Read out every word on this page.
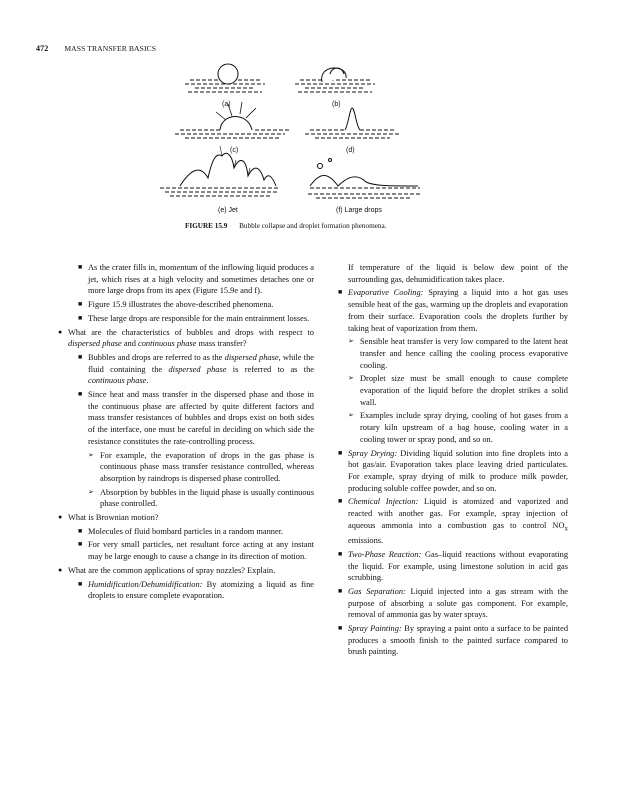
472 MASS TRANSFER BASICS
(a)	(b)
(c)	(d)
(e) Jet	(f) Large drops
FIGURE 15.9 Bubble collapse and droplet formation phenomena.
■ As the crater fills in, momentum of the inflowing liquid produces a jet, which rises at a high velocity and sometimes detaches one or more large drops from its apex (Figure 15.9e and f).
■ Figure 15.9 illustrates the above-described phenomena.
■ These large drops are responsible for the main entrainment losses.
● What are the characteristics of bubbles and drops with respect to dispersed phase and continuous phase mass transfer?
■ Bubbles and drops are referred to as the dispersed phase, while the fluid containing the dispersed phase is referred to as the continuous phase.
■ Since heat and mass transfer in the dispersed phase and those in the continuous phase are affected by quite different factors and mass transfer resistances of bubbles and drops exist on both sides of the interface, one must be careful in deciding on which side the resistance constitutes the rate-controlling process.
➢ For example, the evaporation of drops in the gas phase is continuous phase mass transfer resistance controlled, whereas absorption by raindrops is dispersed phase controlled.
➢ Absorption by bubbles in the liquid phase is usually continuous phase controlled.
● What is Brownian motion?
■ Molecules of fluid bombard particles in a random manner.
■ For very small particles, net resultant force acting at any instant may be large enough to cause a change in its direction of motion.
● What are the common applications of spray nozzles? Explain.
■ Humidification/Dehumidification: By atomizing a liquid as fine droplets to ensure complete evaporation.
If temperature of the liquid is below dew point of the surrounding gas, dehumidification takes place.
■ Evaporative Cooling: Spraying a liquid into a hot gas uses sensible heat of the gas, warming up the droplets and evaporation from their surface. Evaporation cools the droplets further by taking heat of vaporization from them.
➢ Sensible heat transfer is very low compared to the latent heat transfer and hence calling the cooling process evaporative cooling.
➢ Droplet size must be small enough to cause complete evaporation of the liquid before the droplet strikes a solid wall.
➢ Examples include spray drying, cooling of hot gases from a rotary kiln upstream of a bag house, cooling water in a cooling tower or spray pond, and so on.
■ Spray Drying: Dividing liquid solution into fine droplets into a hot gas/air. Evaporation takes place leaving dried particulates. For example, spray drying of milk to produce milk powder, producing soluble coffee powder, and so on.
■ Chemical Injection: Liquid is atomized and vaporized and reacted with another gas. For example, spray injection of aqueous ammonia into a combustion gas to control $NO_x$ emissions.
■ Two-Phase Reaction: Gas–liquid reactions without evaporating the liquid. For example, using limestone solution in acid gas scrubbing.
■ Gas Separation: Liquid injected into a gas stream with the purpose of absorbing a solute gas component. For example, removal of ammonia gas by water sprays.
■ Spray Painting: By spraying a paint onto a surface to be painted produces a smooth finish to the painted surface compared to brush painting.
